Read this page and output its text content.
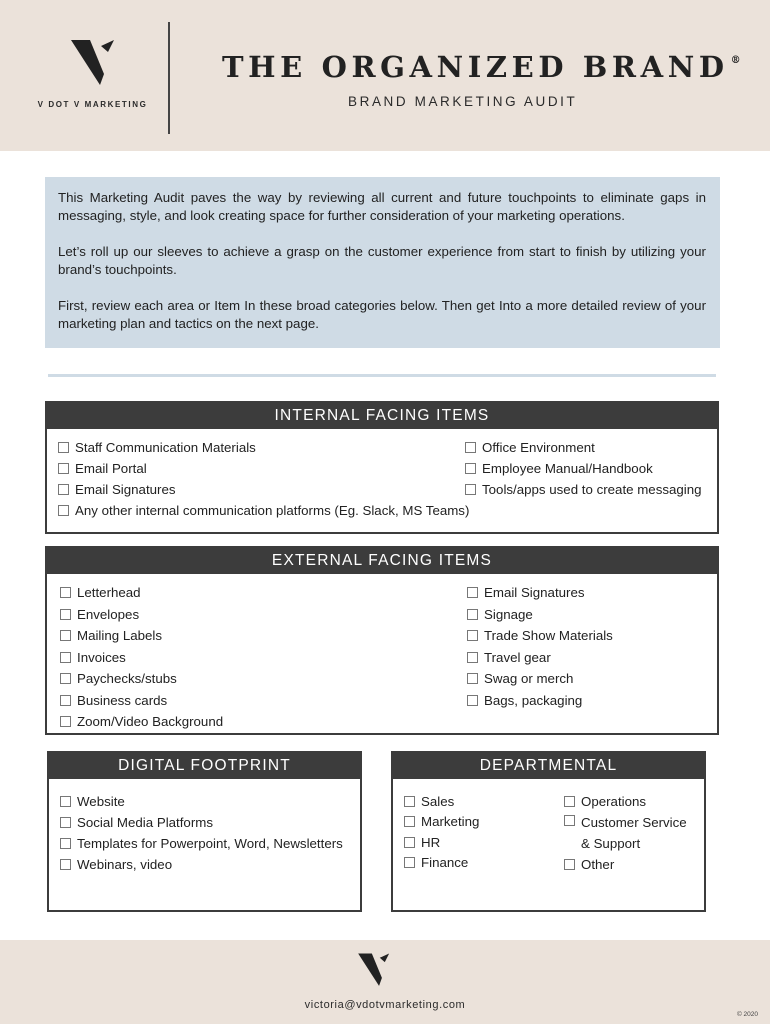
V DOT V MARKETING
THE ORGANIZED BRAND ®
BRAND MARKETING AUDIT

This Marketing Audit paves the way by reviewing all current and future touchpoints to eliminate gaps in messaging, style, and look creating space for further consideration of your marketing operations.

Let’s roll up our sleeves to achieve a grasp on the customer experience from start to finish by utilizing your brand’s touchpoints.

First, review each area or Item In these broad categories below. Then get Into a more detailed review of your marketing plan and tactics on the next page.

INTERNAL FACING ITEMS
Staff Communication Materials
Email Portal
Email Signatures
Any other internal communication platforms (Eg. Slack, MS Teams)
Office Environment
Employee Manual/Handbook
Tools/apps used to create messaging
EXTERNAL FACING ITEMS
Letterhead
Envelopes
Mailing Labels
Invoices
Paychecks/stubs
Business cards
Zoom/Video Background
Email Signatures
Signage
Trade Show Materials
Travel gear
Swag or merch
Bags, packaging
DIGITAL FOOTPRINT
Website
Social Media Platforms
Templates for Powerpoint, Word, Newsletters
Webinars, video
DEPARTMENTAL
Sales
Marketing
HR
Finance
Operations
Customer Service & Support
Other
victoria@vdotvmarketing.com
© 2020
